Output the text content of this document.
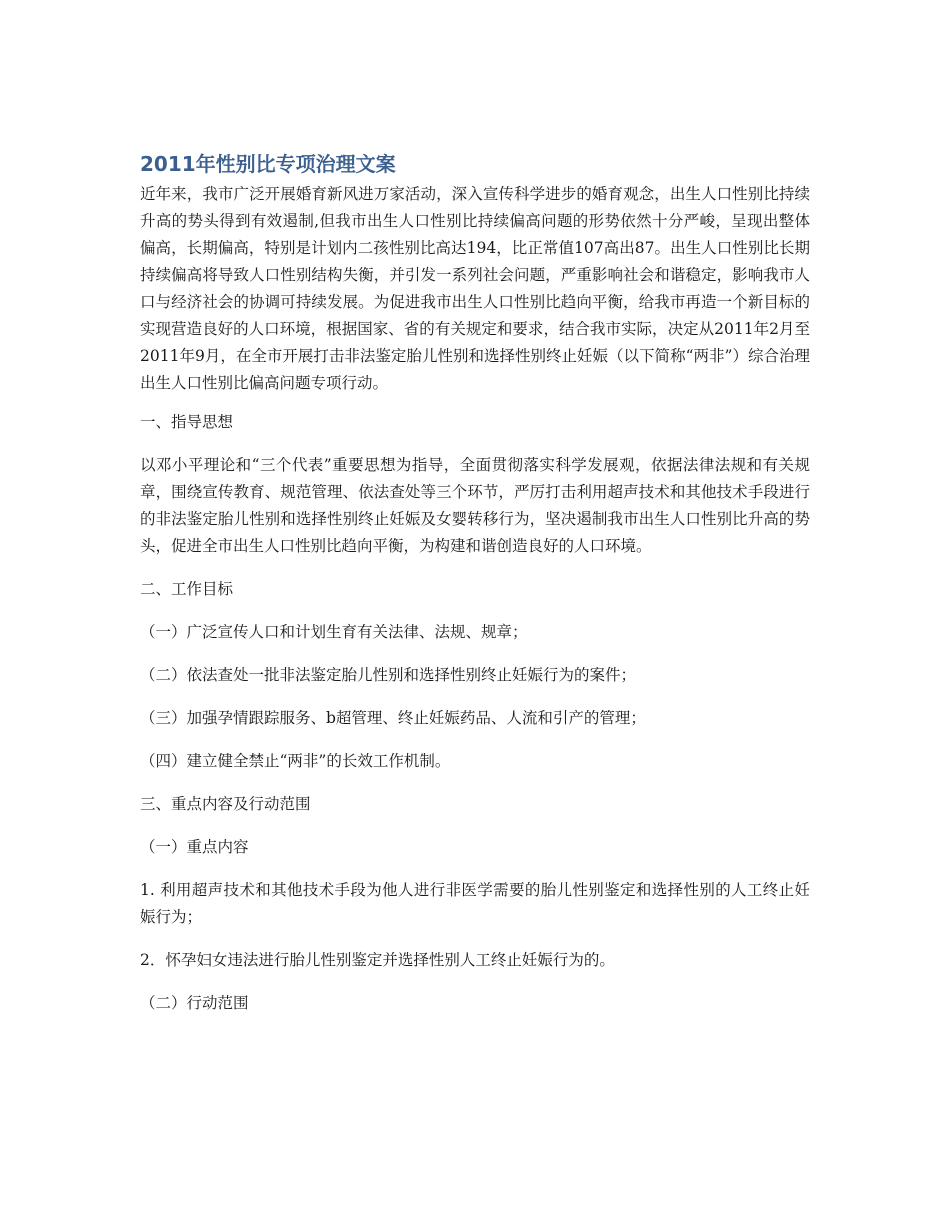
2011年性别比专项治理文案

近年来，我市广泛开展婚育新风进万家活动，深入宣传科学进步的婚育观念，出生人口性别比持续升高的势头得到有效遏制,但我市出生人口性别比持续偏高问题的形势依然十分严峻，呈现出整体偏高，长期偏高，特别是计划内二孩性别比高达194，比正常值107高出87。出生人口性别比长期持续偏高将导致人口性别结构失衡，并引发一系列社会问题，严重影响社会和谐稳定，影响我市人口与经济社会的协调可持续发展。为促进我市出生人口性别比趋向平衡，给我市再造一个新目标的实现营造良好的人口环境，根据国家、省的有关规定和要求，结合我市实际，决定从2011年2月至2011年9月，在全市开展打击非法鉴定胎儿性别和选择性别终止妊娠（以下简称“两非”）综合治理出生人口性别比偏高问题专项行动。

一、指导思想

以邓小平理论和“三个代表”重要思想为指导，全面贯彻落实科学发展观，依据法律法规和有关规章，围绕宣传教育、规范管理、依法查处等三个环节，严厉打击利用超声技术和其他技术手段进行的非法鉴定胎儿性别和选择性别终止妊娠及女婴转移行为，坚决遏制我市出生人口性别比升高的势头，促进全市出生人口性别比趋向平衡，为构建和谐创造良好的人口环境。

二、工作目标

（一）广泛宣传人口和计划生育有关法律、法规、规章；

（二）依法查处一批非法鉴定胎儿性别和选择性别终止妊娠行为的案件；

（三）加强孕情跟踪服务、b超管理、终止妊娠药品、人流和引产的管理；

（四）建立健全禁止“两非”的长效工作机制。

三、重点内容及行动范围

（一）重点内容

1. 利用超声技术和其他技术手段为他人进行非医学需要的胎儿性别鉴定和选择性别的人工终止妊娠行为；

2．怀孕妇女违法进行胎儿性别鉴定并选择性别人工终止妊娠行为的。

（二）行动范围
